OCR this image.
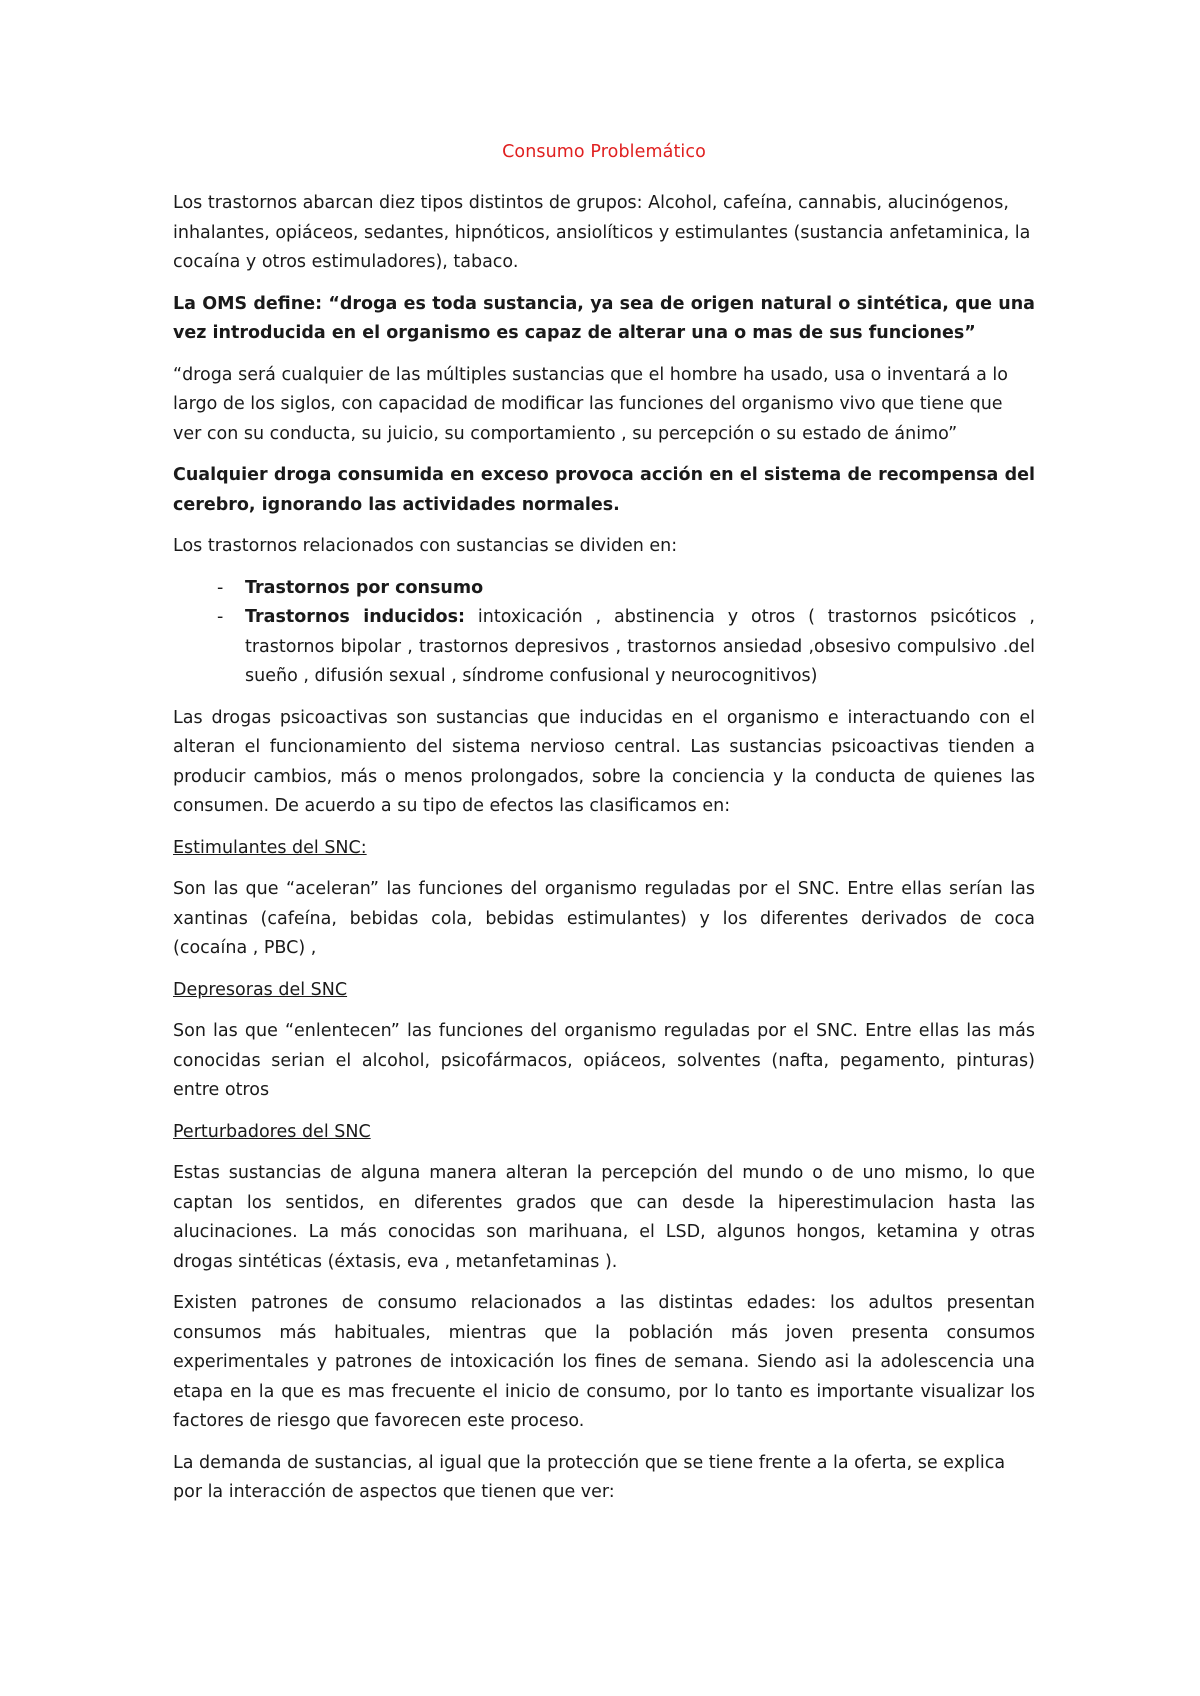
Consumo Problemático

Los trastornos abarcan diez tipos distintos de grupos: Alcohol, cafeína, cannabis, alucinógenos, inhalantes, opiáceos, sedantes, hipnóticos, ansiolíticos y estimulantes (sustancia anfetaminica, la cocaína y otros estimuladores), tabaco.

La OMS define: “droga es toda sustancia, ya sea de origen natural o sintética, que una vez introducida en el organismo es capaz de alterar una o mas de sus funciones”

“droga será cualquier de las múltiples sustancias que el hombre ha usado, usa o inventará a lo largo de los siglos, con capacidad de modificar las funciones del organismo vivo que tiene que ver con su conducta, su juicio, su comportamiento , su percepción o su estado de ánimo”

Cualquier droga consumida en exceso provoca acción en el sistema de recompensa del cerebro, ignorando las actividades normales.

Los trastornos relacionados con sustancias se dividen en:

- Trastornos por consumo
- Trastornos inducidos: intoxicación , abstinencia y otros ( trastornos psicóticos , trastornos bipolar , trastornos depresivos , trastornos ansiedad ,obsesivo compulsivo .del sueño , difusión sexual , síndrome confusional y neurocognitivos)

Las drogas psicoactivas son sustancias que inducidas en el organismo e interactuando con el alteran el funcionamiento del sistema nervioso central. Las sustancias psicoactivas tienden a producir cambios, más o menos prolongados, sobre la conciencia y la conducta de quienes las consumen. De acuerdo a su tipo de efectos las clasificamos en:

Estimulantes del SNC:

Son las que “aceleran” las funciones del organismo reguladas por el SNC. Entre ellas serían las xantinas (cafeína, bebidas cola, bebidas estimulantes) y los diferentes derivados de coca (cocaína , PBC) ,

Depresoras del SNC

Son las que “enlentecen” las funciones del organismo reguladas por el SNC. Entre ellas las más conocidas serian el alcohol, psicofármacos, opiáceos, solventes (nafta, pegamento, pinturas) entre otros

Perturbadores del SNC

Estas sustancias de alguna manera alteran la percepción del mundo o de uno mismo, lo que captan los sentidos, en diferentes grados que can desde la hiperestimulacion hasta las alucinaciones. La más conocidas son marihuana, el LSD, algunos hongos, ketamina y otras drogas sintéticas (éxtasis, eva , metanfetaminas ).

Existen patrones de consumo relacionados a las distintas edades: los adultos presentan consumos más habituales, mientras que la población más joven presenta consumos experimentales y patrones de intoxicación los fines de semana. Siendo asi la adolescencia una etapa en la que es mas frecuente el inicio de consumo, por lo tanto es importante visualizar los factores de riesgo que favorecen este proceso.

La demanda de sustancias, al igual que la protección que se tiene frente a la oferta, se explica por la interacción de aspectos que tienen que ver:
